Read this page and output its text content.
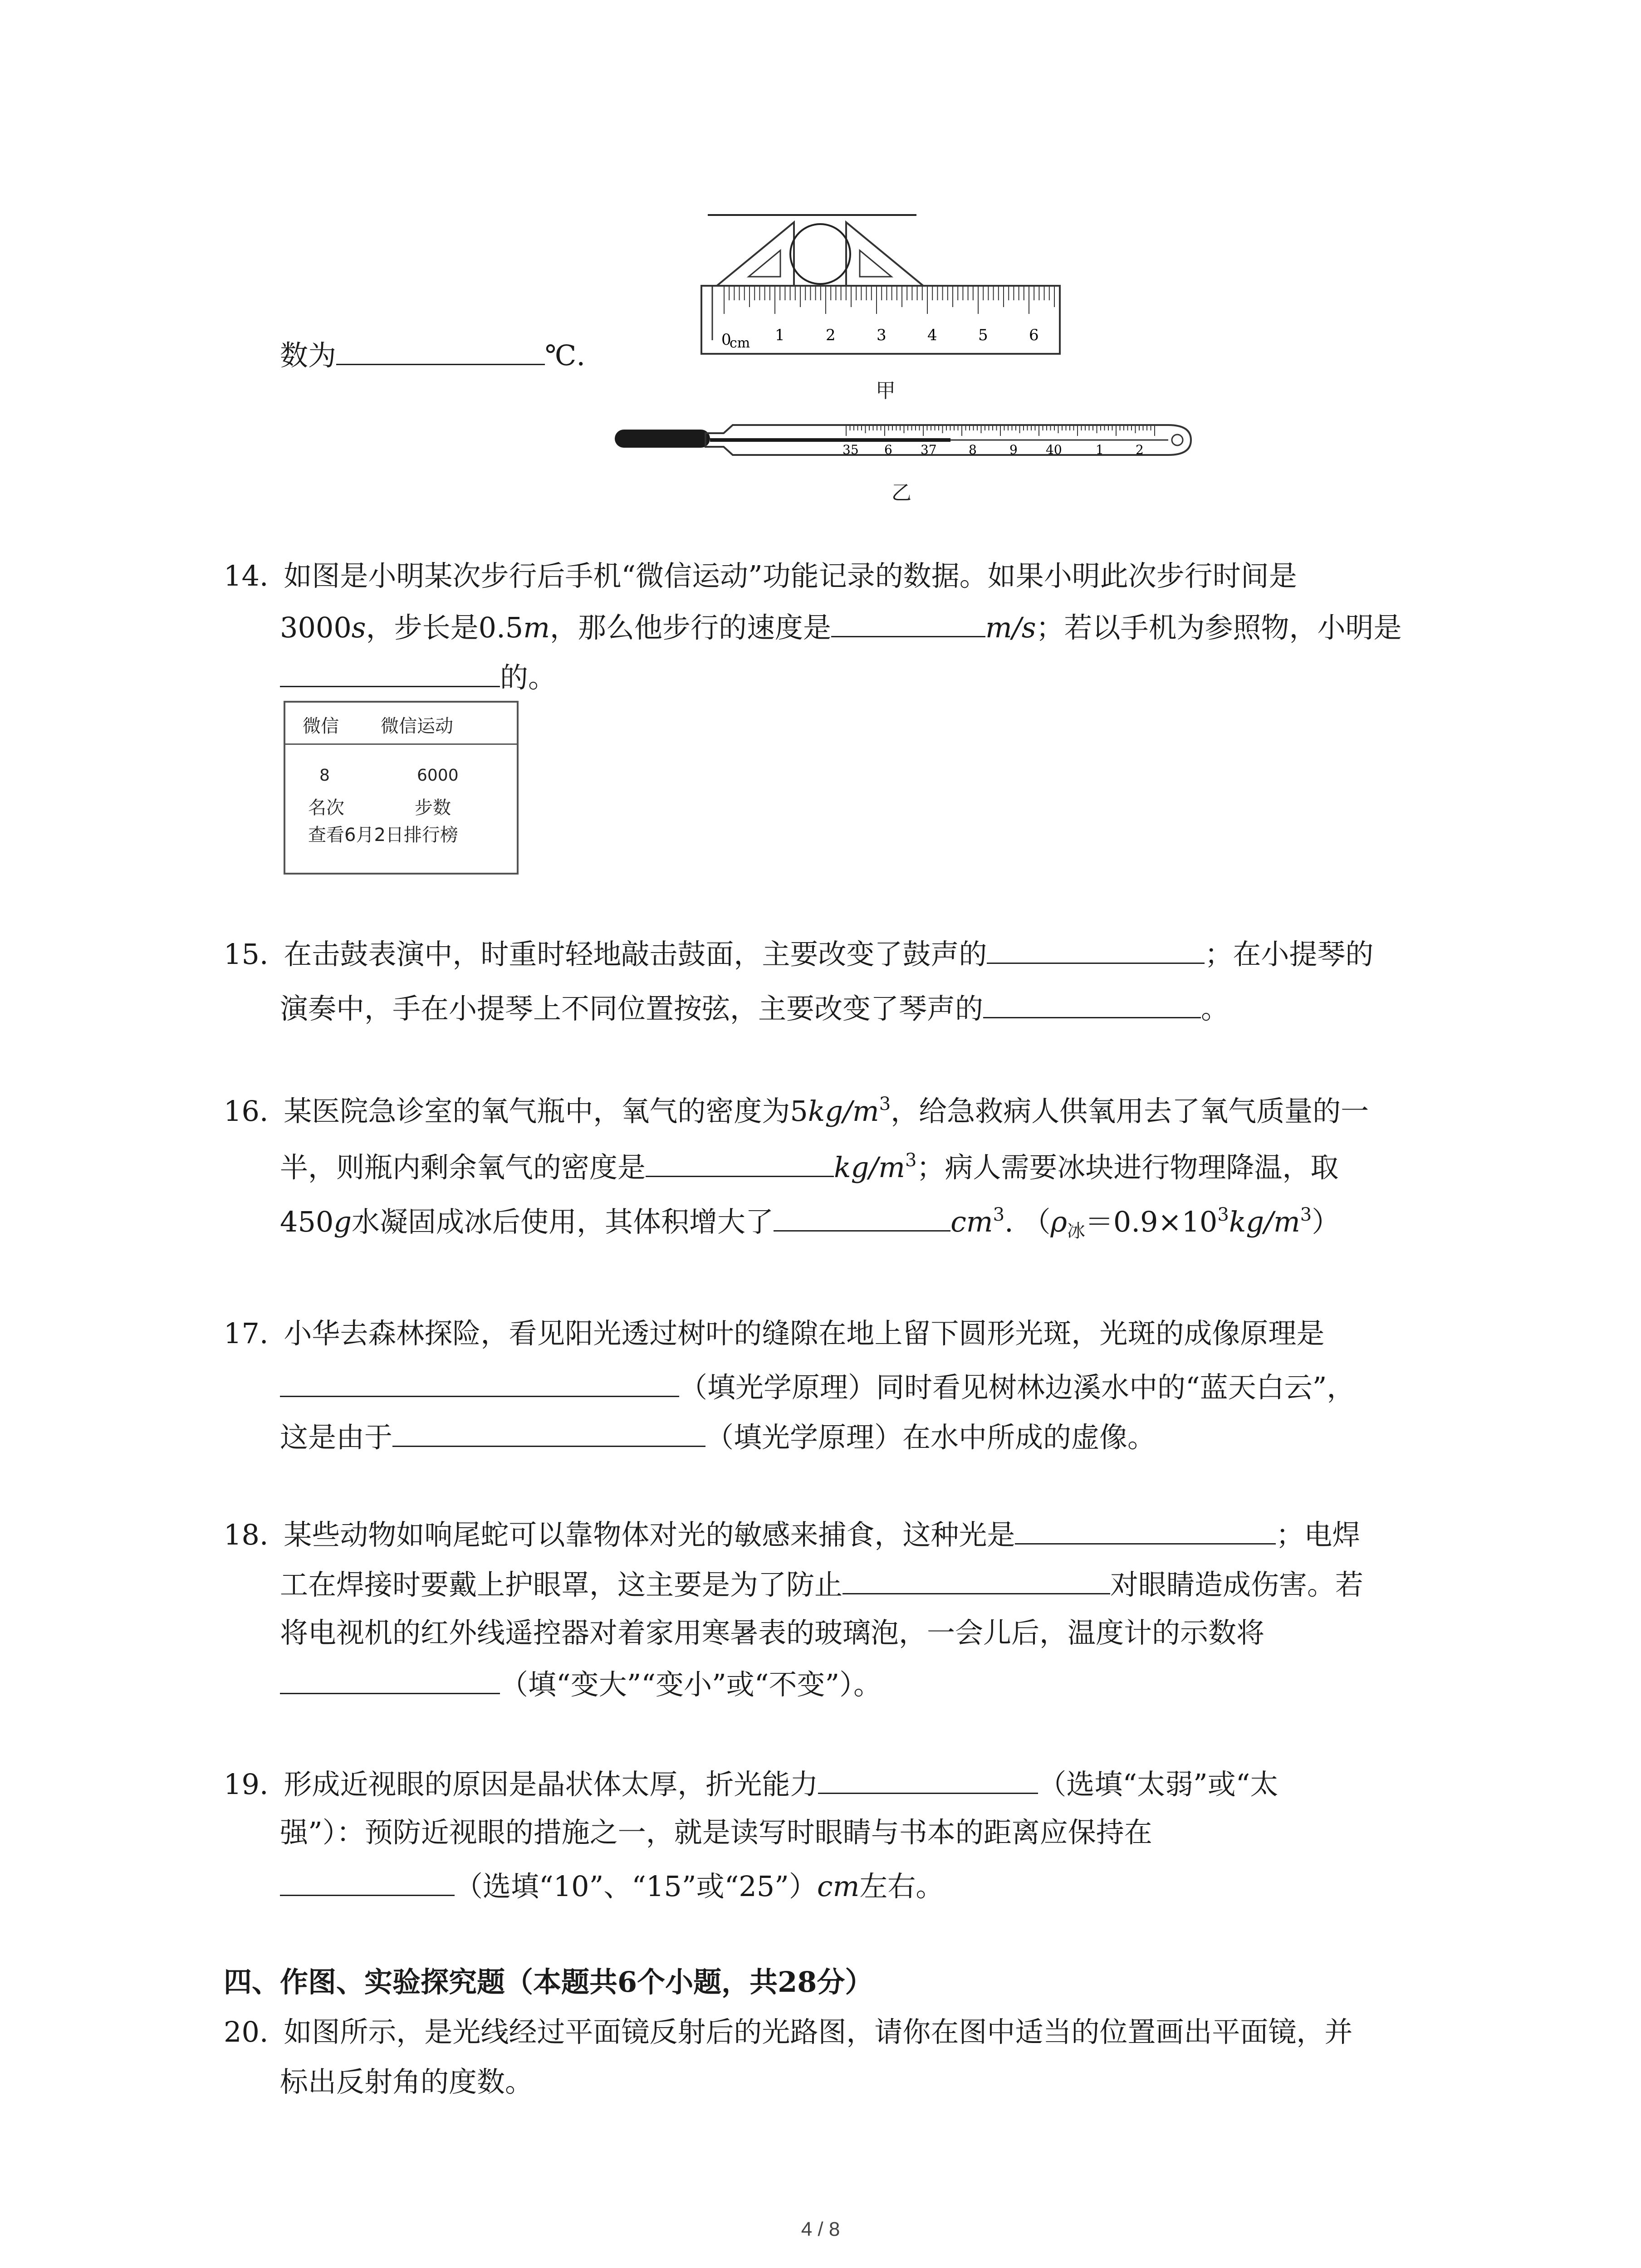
数为	℃.	0
cm 1	2	3	4	5	6
甲
35 6 37	8	9 40	1	2
乙
14. 如图是小明某次步行后手机“微信运动”功能记录的数据。如果小明此次步行时间是
3000s，步长是0.5m，那么他步行的速度是	m/s；若以手机为参照物，小明是
的。
微信 微信运动
8	6000
名次	步数
查看6月2日排行榜
15. 在击鼓表演中，时重时轻地敲击鼓面，主要改变了鼓声的	；在小提琴的
演奏中，手在小提琴上不同位置按弦，主要改变了琴声的	。
16. 某医院急诊室的氧气瓶中，氧气的密度为$5kg/m^3$，给急救病人供氧用去了氧气质量的一
半，则瓶内剩余氧气的密度是	$kg/m^3$；病人需要冰块进行物理降温，取
450g水凝固成冰后使用，其体积增大了	$cm^3$. $(\rho_冰=0.9\times 10^3kg/m^3)$
17. 小华去森林探险，看见阳光透过树叶的缝隙在地上留下圆形光斑，光斑的成像原理是
（填光学原理）同时看见树林边溪水中的“蓝天白云”，
这是由于	（填光学原理）在水中所成的虚像。
18. 某些动物如响尾蛇可以靠物体对光的敏感来捕食，这种光是	；电焊
工在焊接时要戴上护眼罩，这主要是为了防止	对眼睛造成伤害。若
将电视机的红外线遥控器对着家用寒暑表的玻璃泡，一会儿后，温度计的示数将
（填“变大”“变小”或“不变”）。
19. 形成近视眼的原因是晶状体太厚，折光能力	（选填“太弱”或“太
强”）：预防近视眼的措施之一，就是读写时眼睛与书本的距离应保持在
（选填“10”、“15”或“25”）cm左右。
四、作图、实验探究题（本题共6个小题，共28分）
20. 如图所示，是光线经过平面镜反射后的光路图，请你在图中适当的位置画出平面镜，并
标出反射角的度数。
4 / 8
